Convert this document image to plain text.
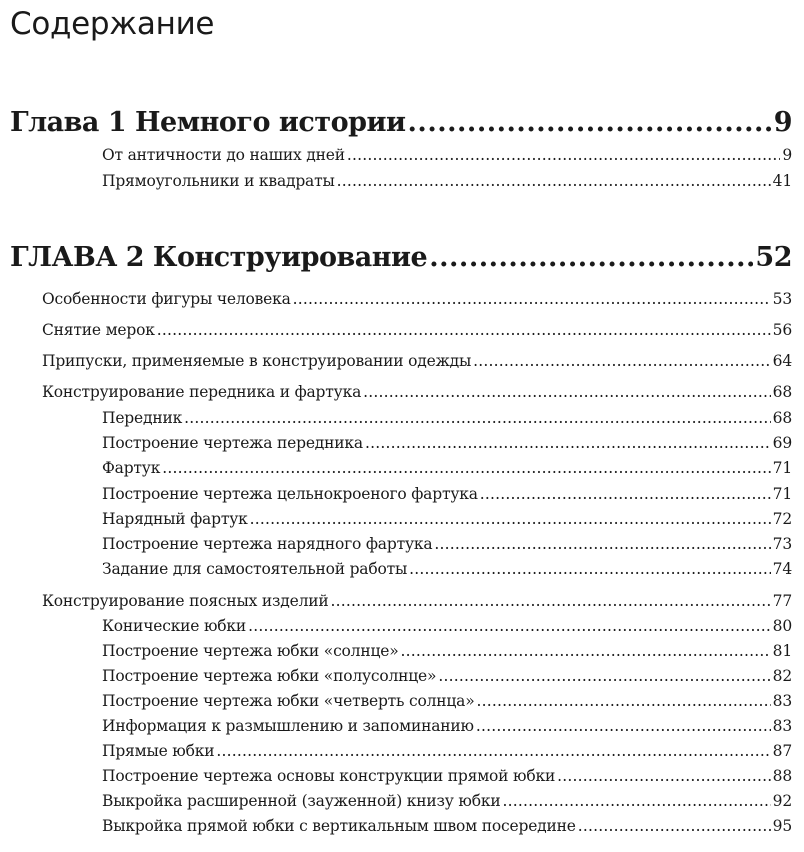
Содержание
Глава 1 Немного истории .....	9
От античности до наших дней .....	9
Прямоугольники и квадраты .....	41
ГЛАВА 2 Конструирование .....	52
Особенности фигуры человека .....	53
Снятие мерок .....	56
Припуски, применяемые в конструировании одежды .....	64
Конструирование передника и фартука .....	68
Передник .....	68
Построение чертежа передника .....	69
Фартук .....	71
Построение чертежа цельнокроеного фартука .....	71
Нарядный фартук .....	72
Построение чертежа нарядного фартука .....	73
Задание для самостоятельной работы .....	74
Конструирование поясных изделий .....	77
Конические юбки .....	80
Построение чертежа юбки «солнце» .....	81
Построение чертежа юбки «полусолнце» .....	82
Построение чертежа юбки «четверть солнца» .....	83
Информация к размышлению и запоминанию .....	83
Прямые юбки .....	87
Построение чертежа основы конструкции прямой юбки .....	88
Выкройка расширенной (зауженной) книзу юбки .....	92
Выкройка прямой юбки с вертикальным швом посередине .....	95
